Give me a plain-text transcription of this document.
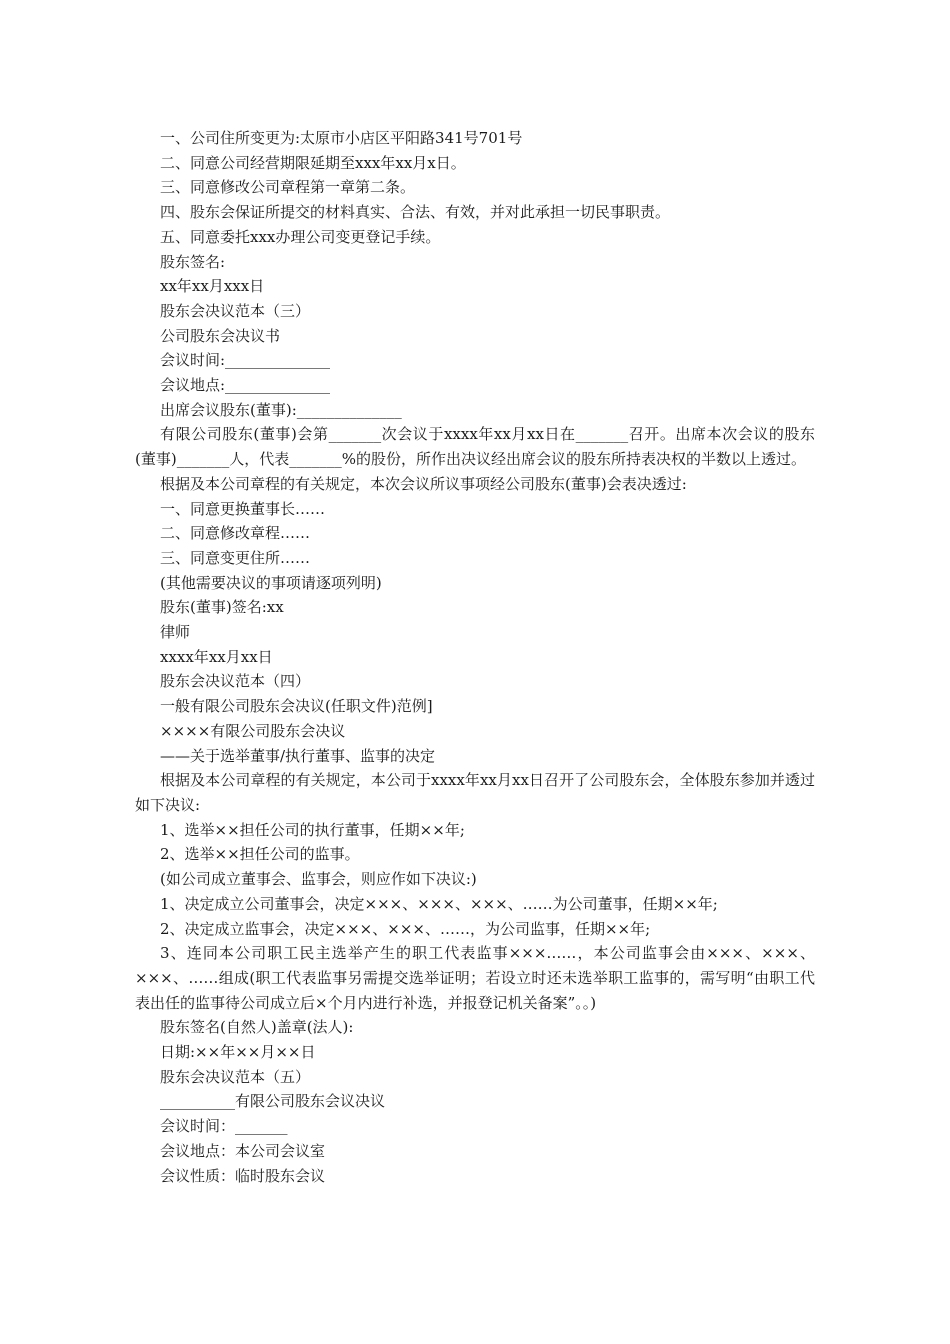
一、公司住所变更为:太原市小店区平阳路341号701号
二、同意公司经营期限延期至xxx年xx月x日。
三、同意修改公司章程第一章第二条。
四、股东会保证所提交的材料真实、合法、有效，并对此承担一切民事职责。
五、同意委托xxx办理公司变更登记手续。
股东签名:
xx年xx月xxx日
股东会决议范本（三）
公司股东会决议书
会议时间:______________
会议地点:______________
出席会议股东(董事):______________
有限公司股东(董事)会第_______次会议于xxxx年xx月xx日在_______召开。出席本次会议的股东(董事)_______人，代表_______%的股份，所作出决议经出席会议的股东所持表决权的半数以上透过。
根据及本公司章程的有关规定，本次会议所议事项经公司股东(董事)会表决透过:
一、同意更换董事长……
二、同意修改章程……
三、同意变更住所……
(其他需要决议的事项请逐项列明)
股东(董事)签名:xx
律师
xxxx年xx月xx日
股东会决议范本（四）
一般有限公司股东会决议(任职文件)范例]
××××有限公司股东会决议
——关于选举董事/执行董事、监事的决定
根据及本公司章程的有关规定，本公司于xxxx年xx月xx日召开了公司股东会，全体股东参加并透过如下决议:
1、选举××担任公司的执行董事，任期××年;
2、选举××担任公司的监事。
(如公司成立董事会、监事会，则应作如下决议:)
1、决定成立公司董事会，决定×××、×××、×××、……为公司董事，任期××年;
2、决定成立监事会，决定×××、×××、……，为公司监事，任期××年;
3、连同本公司职工民主选举产生的职工代表监事×××……，本公司监事会由×××、×××、×××、……组成(职工代表监事另需提交选举证明；若设立时还未选举职工监事的，需写明“由职工代表出任的监事待公司成立后×个月内进行补选，并报登记机关备案”。。)
股东签名(自然人)盖章(法人):
日期:××年××月××日
股东会决议范本（五）
__________有限公司股东会议决议
会议时间：_______
会议地点：本公司会议室
会议性质：临时股东会议
